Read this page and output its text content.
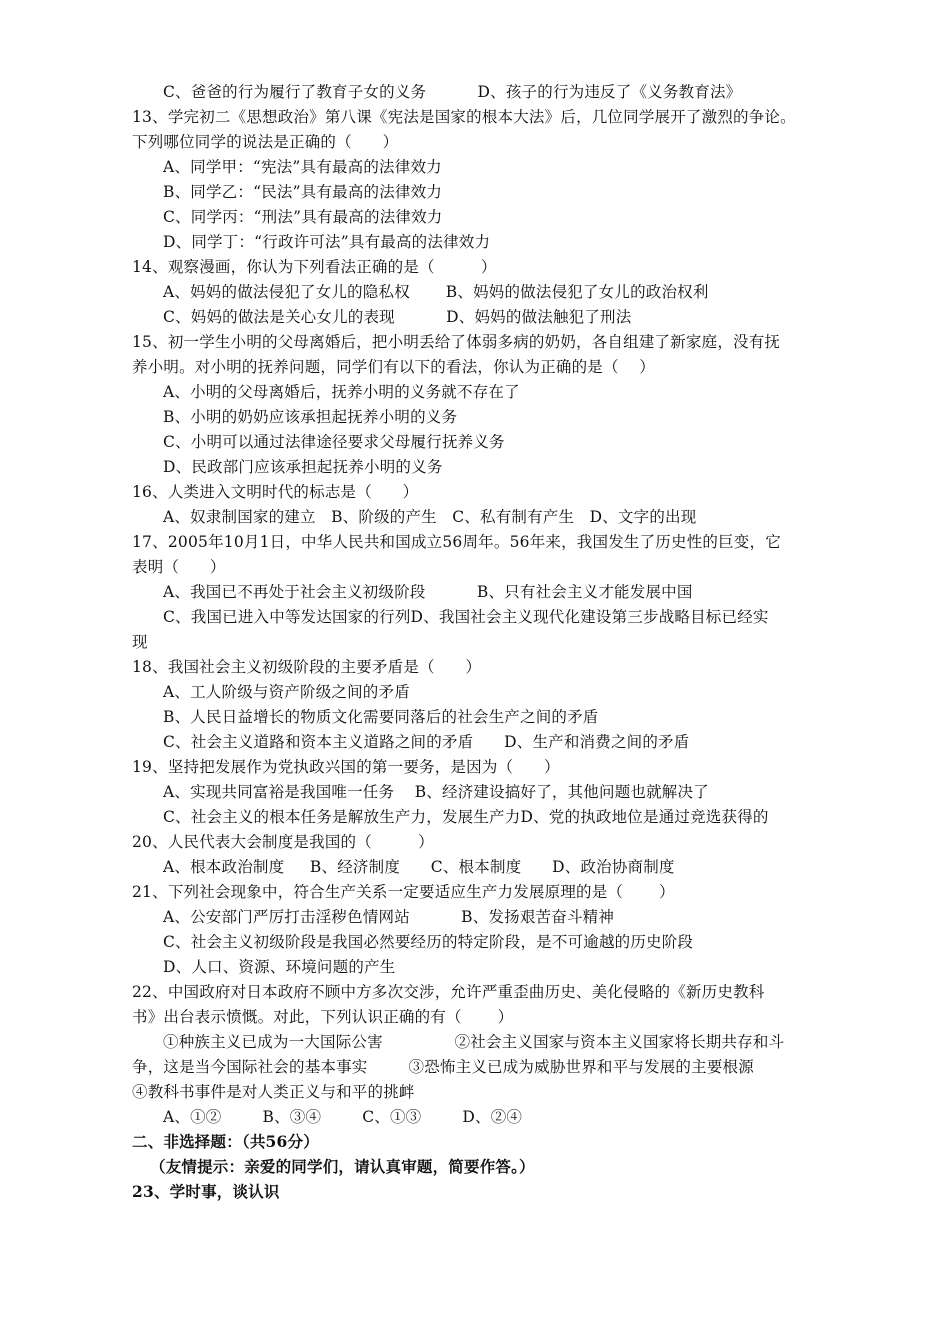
C、爸爸的行为履行了教育子女的义务          D、孩子的行为违反了《义务教育法》
13、学完初二《思想政治》第八课《宪法是国家的根本大法》后，几位同学展开了激烈的争论。
下列哪位同学的说法是正确的（      ）
A、同学甲：“宪法”具有最高的法律效力
B、同学乙：“民法”具有最高的法律效力
C、同学丙：“刑法”具有最高的法律效力
D、同学丁：“行政许可法”具有最高的法律效力
14、观察漫画，你认为下列看法正确的是（         ）
A、妈妈的做法侵犯了女儿的隐私权       B、妈妈的做法侵犯了女儿的政治权利
C、妈妈的做法是关心女儿的表现          D、妈妈的做法触犯了刑法
15、初一学生小明的父母离婚后，把小明丢给了体弱多病的奶奶，各自组建了新家庭，没有抚
养小明。对小明的抚养问题，同学们有以下的看法，你认为正确的是（    ）
A、小明的父母离婚后，抚养小明的义务就不存在了
B、小明的奶奶应该承担起抚养小明的义务
C、小明可以通过法律途径要求父母履行抚养义务
D、民政部门应该承担起抚养小明的义务
16、人类进入文明时代的标志是（      ）
A、奴隶制国家的建立   B、阶级的产生   C、私有制有产生   D、文字的出现
17、2005年10月1日，中华人民共和国成立56周年。56年来，我国发生了历史性的巨变，它
表明（      ）
A、我国已不再处于社会主义初级阶段          B、只有社会主义才能发展中国
C、我国已进入中等发达国家的行列D、我国社会主义现代化建设第三步战略目标已经实
现
18、我国社会主义初级阶段的主要矛盾是（      ）
A、工人阶级与资产阶级之间的矛盾
B、人民日益增长的物质文化需要同落后的社会生产之间的矛盾
C、社会主义道路和资本主义道路之间的矛盾      D、生产和消费之间的矛盾
19、坚持把发展作为党执政兴国的第一要务，是因为（      ）
A、实现共同富裕是我国唯一任务    B、经济建设搞好了，其他问题也就解决了
C、社会主义的根本任务是解放生产力，发展生产力D、党的执政地位是通过竞选获得的
20、人民代表大会制度是我国的（         ）
A、根本政治制度     B、经济制度      C、根本制度      D、政治协商制度
21、下列社会现象中，符合生产关系一定要适应生产力发展原理的是（       ）
A、公安部门严厉打击淫秽色情网站          B、发扬艰苦奋斗精神
C、社会主义初级阶段是我国必然要经历的特定阶段，是不可逾越的历史阶段
D、人口、资源、环境问题的产生
22、中国政府对日本政府不顾中方多次交涉，允许严重歪曲历史、美化侵略的《新历史教科
书》出台表示愤慨。对此，下列认识正确的有（       ）
①种族主义已成为一大国际公害              ②社会主义国家与资本主义国家将长期共存和斗
争，这是当今国际社会的基本事实        ③恐怖主义已成为威胁世界和平与发展的主要根源
④教科书事件是对人类正义与和平的挑衅
A、①②        B、③④        C、①③        D、②④
二、非选择题：（共56分）
（友情提示：亲爱的同学们，请认真审题，简要作答。）
23、学时事，谈认识
